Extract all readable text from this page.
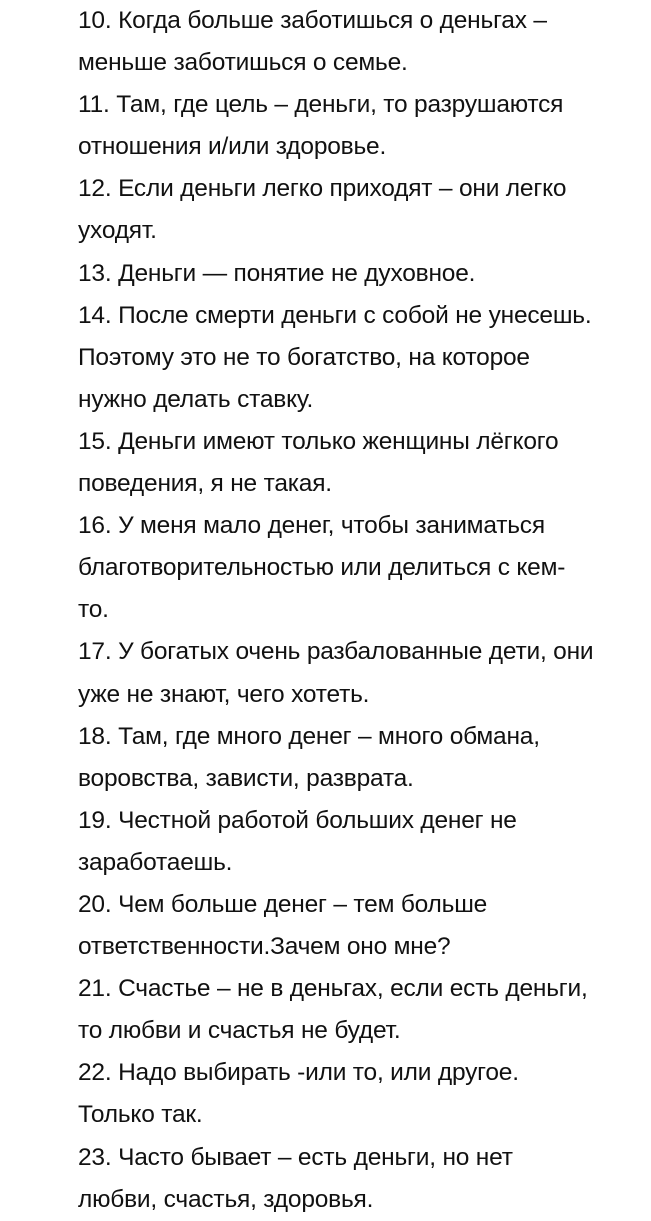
10. Когда больше заботишься о деньгах –
меньше заботишься о семье.
11. Там, где цель – деньги, то разрушаются
отношения и/или здоровье.
12. Если деньги легко приходят – они легко
уходят.
13. Деньги — понятие не духовное.
14. После смерти деньги с собой не унесешь.
Поэтому это не то богатство, на которое
нужно делать ставку.
15. Деньги имеют только женщины лёгкого
поведения, я не такая.
16. У меня мало денег, чтобы заниматься
благотворительностью или делиться с кем-
то.
17. У богатых очень разбалованные дети, они
уже не знают, чего хотеть.
18. Там, где много денег – много обмана,
воровства, зависти, разврата.
19. Честной работой больших денег не
заработаешь.
20. Чем больше денег – тем больше
ответственности.Зачем оно мне?
21. Счастье – не в деньгах, если есть деньги,
то любви и счастья не будет.
22. Надо выбирать -или то, или другое.
Только так.
23. Часто бывает – есть деньги, но нет
любви, счастья, здоровья.
